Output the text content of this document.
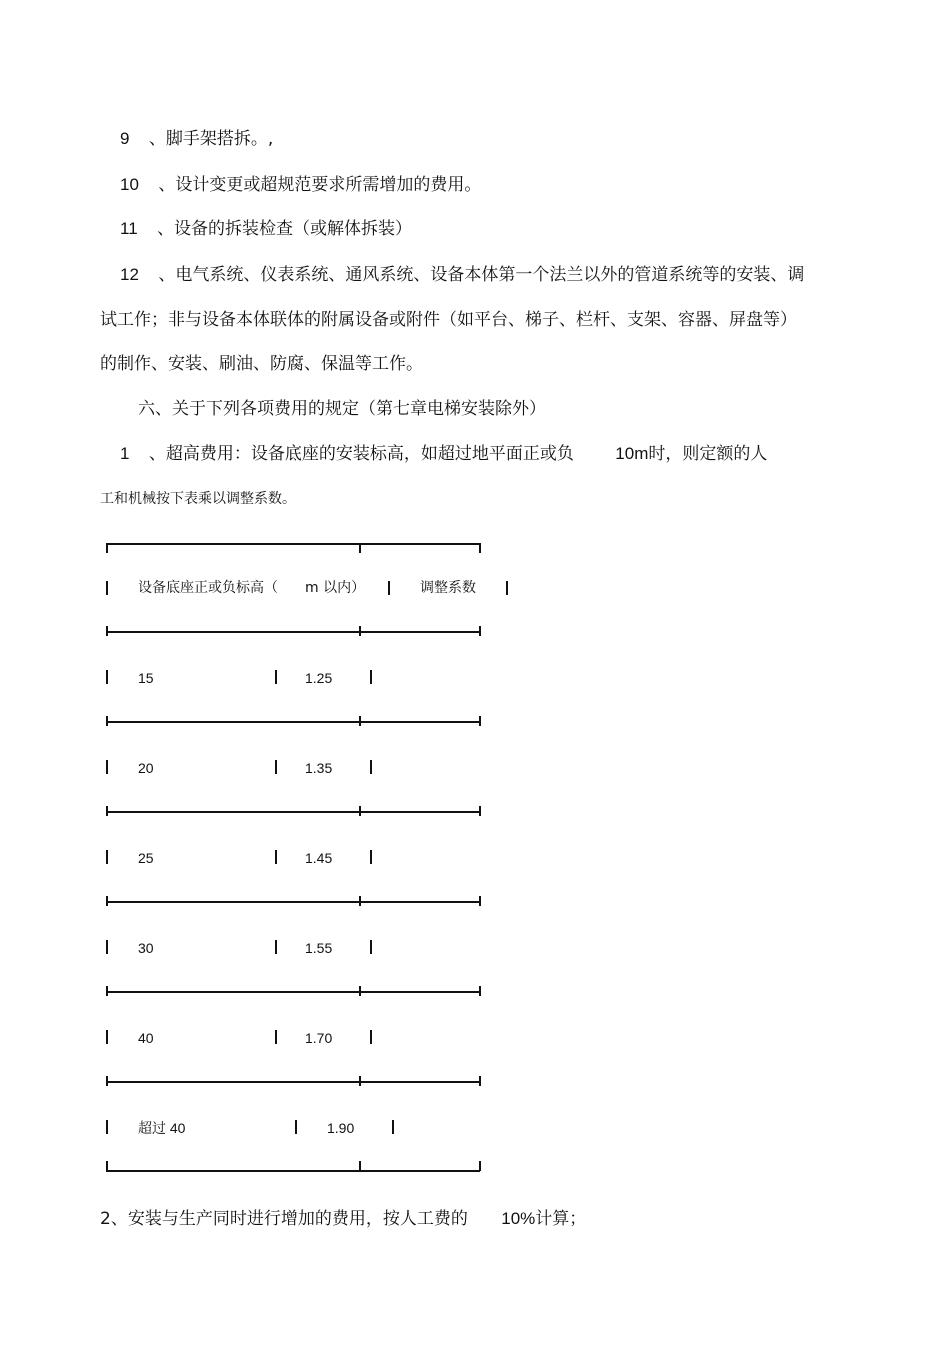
9 、脚手架搭拆。,
10 、设计变更或超规范要求所需增加的费用。
11 、设备的拆装检查（或解体拆装）
12 、电气系统、仪表系统、通风系统、设备本体第一个法兰以外的管道系统等的安装、调
试工作；非与设备本体联体的附属设备或附件（如平台、梯子、栏杆、支架、容器、屏盘等）
的制作、安装、刷油、防腐、保温等工作。
六、关于下列各项费用的规定（第七章电梯安装除外）
1 、超高费用：设备底座的安装标高，如超过地平面正或负 10m时，则定额的人
工和机械按下表乘以调整系数。
设备底座正或负标高（ m 以内）	调整系数
15	1.25
20	1.35
25	1.45
30	1.55
40	1.70
超过 40	1.90
2、安装与生产同时进行增加的费用，按人工费的 10%计算；
